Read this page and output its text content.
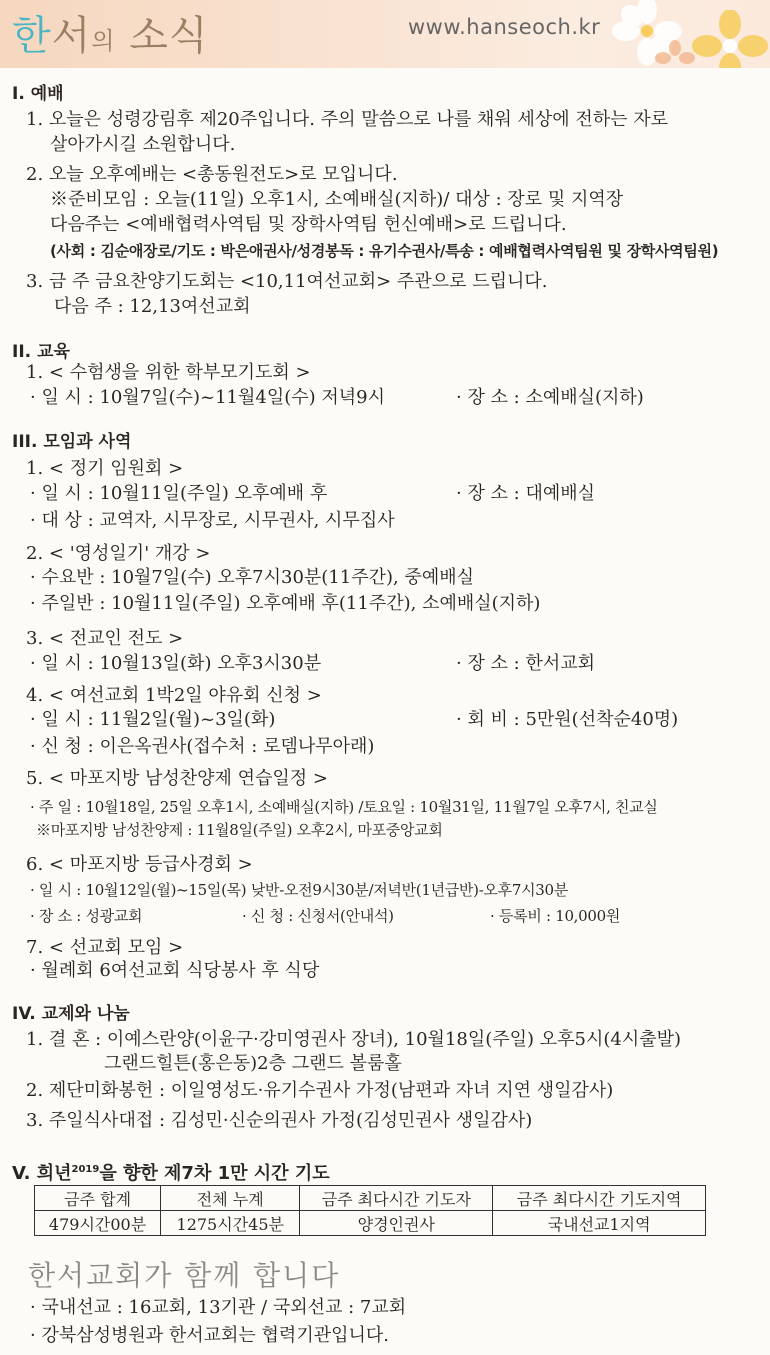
한서의 소식	www.hanseoch.kr
I. 예배
1. 오늘은 성령강림후 제20주입니다. 주의 말씀으로 나를 채워 세상에 전하는 자로
살아가시길 소원합니다.
2. 오늘 오후예배는 <총동원전도>로 모입니다.
※준비모임 : 오늘(11일) 오후1시, 소예배실(지하)/ 대상 : 장로 및 지역장
다음주는 <예배협력사역팀 및 장학사역팀 헌신예배>로 드립니다.
(사회 : 김순애장로/기도 : 박은애권사/성경봉독 : 유기수권사/특송 : 예배협력사역팀원 및 장학사역팀원)
3. 금 주 금요찬양기도회는 <10,11여선교회> 주관으로 드립니다.
다음 주 : 12,13여선교회
II. 교육
1. < 수험생을 위한 학부모기도회 >
· 일 시 : 10월7일(수)~11월4일(수) 저녁9시	· 장 소 : 소예배실(지하)
III. 모임과 사역
1. < 정기 임원회 >
· 일 시 : 10월11일(주일) 오후예배 후	· 장 소 : 대예배실
· 대 상 : 교역자, 시무장로, 시무권사, 시무집사
2. < '영성일기' 개강 >
· 수요반 : 10월7일(수) 오후7시30분(11주간), 중예배실
· 주일반 : 10월11일(주일) 오후예배 후(11주간), 소예배실(지하)
3. < 전교인 전도 >
· 일 시 : 10월13일(화) 오후3시30분	· 장 소 : 한서교회
4. < 여선교회 1박2일 야유회 신청 >
· 일 시 : 11월2일(월)~3일(화)	· 회 비 : 5만원(선착순40명)
· 신 청 : 이은옥권사(접수처 : 로뎀나무아래)
5. < 마포지방 남성찬양제 연습일정 >
· 주 일 : 10월18일, 25일 오후1시, 소예배실(지하) /토요일 : 10월31일, 11월7일 오후7시, 친교실
※마포지방 남성찬양제 : 11월8일(주일) 오후2시, 마포중앙교회
6. < 마포지방 등급사경회 >
· 일 시 : 10월12일(월)~15일(목) 낮반-오전9시30분/저녁반(1년급반)-오후7시30분
· 장 소 : 성광교회	· 신 청 : 신청서(안내석)	· 등록비 : 10,000원
7. < 선교회 모임 >
· 월례회 6여선교회 식당봉사 후 식당
IV. 교제와 나눔
1. 결 혼 : 이예스란양(이윤구·강미영권사 장녀), 10월18일(주일) 오후5시(4시출발)
그랜드힐튼(홍은동)2층 그랜드 볼룸홀
2. 제단미화봉헌 : 이일영성도·유기수권사 가정(남편과 자녀 지연 생일감사)
3. 주일식사대접 : 김성민·신순의권사 가정(김성민권사 생일감사)
V. 희년$^{2019}$을 향한 제7차 1만 시간 기도
금주 합계	전체 누계	금주 최다시간 기도자	금주 최다시간 기도지역
479시간00분	1275시간45분	양경인권사	국내선교1지역
한서교회가 함께 합니다
· 국내선교 : 16교회, 13기관 / 국외선교 : 7교회
· 강북삼성병원과 한서교회는 협력기관입니다.
